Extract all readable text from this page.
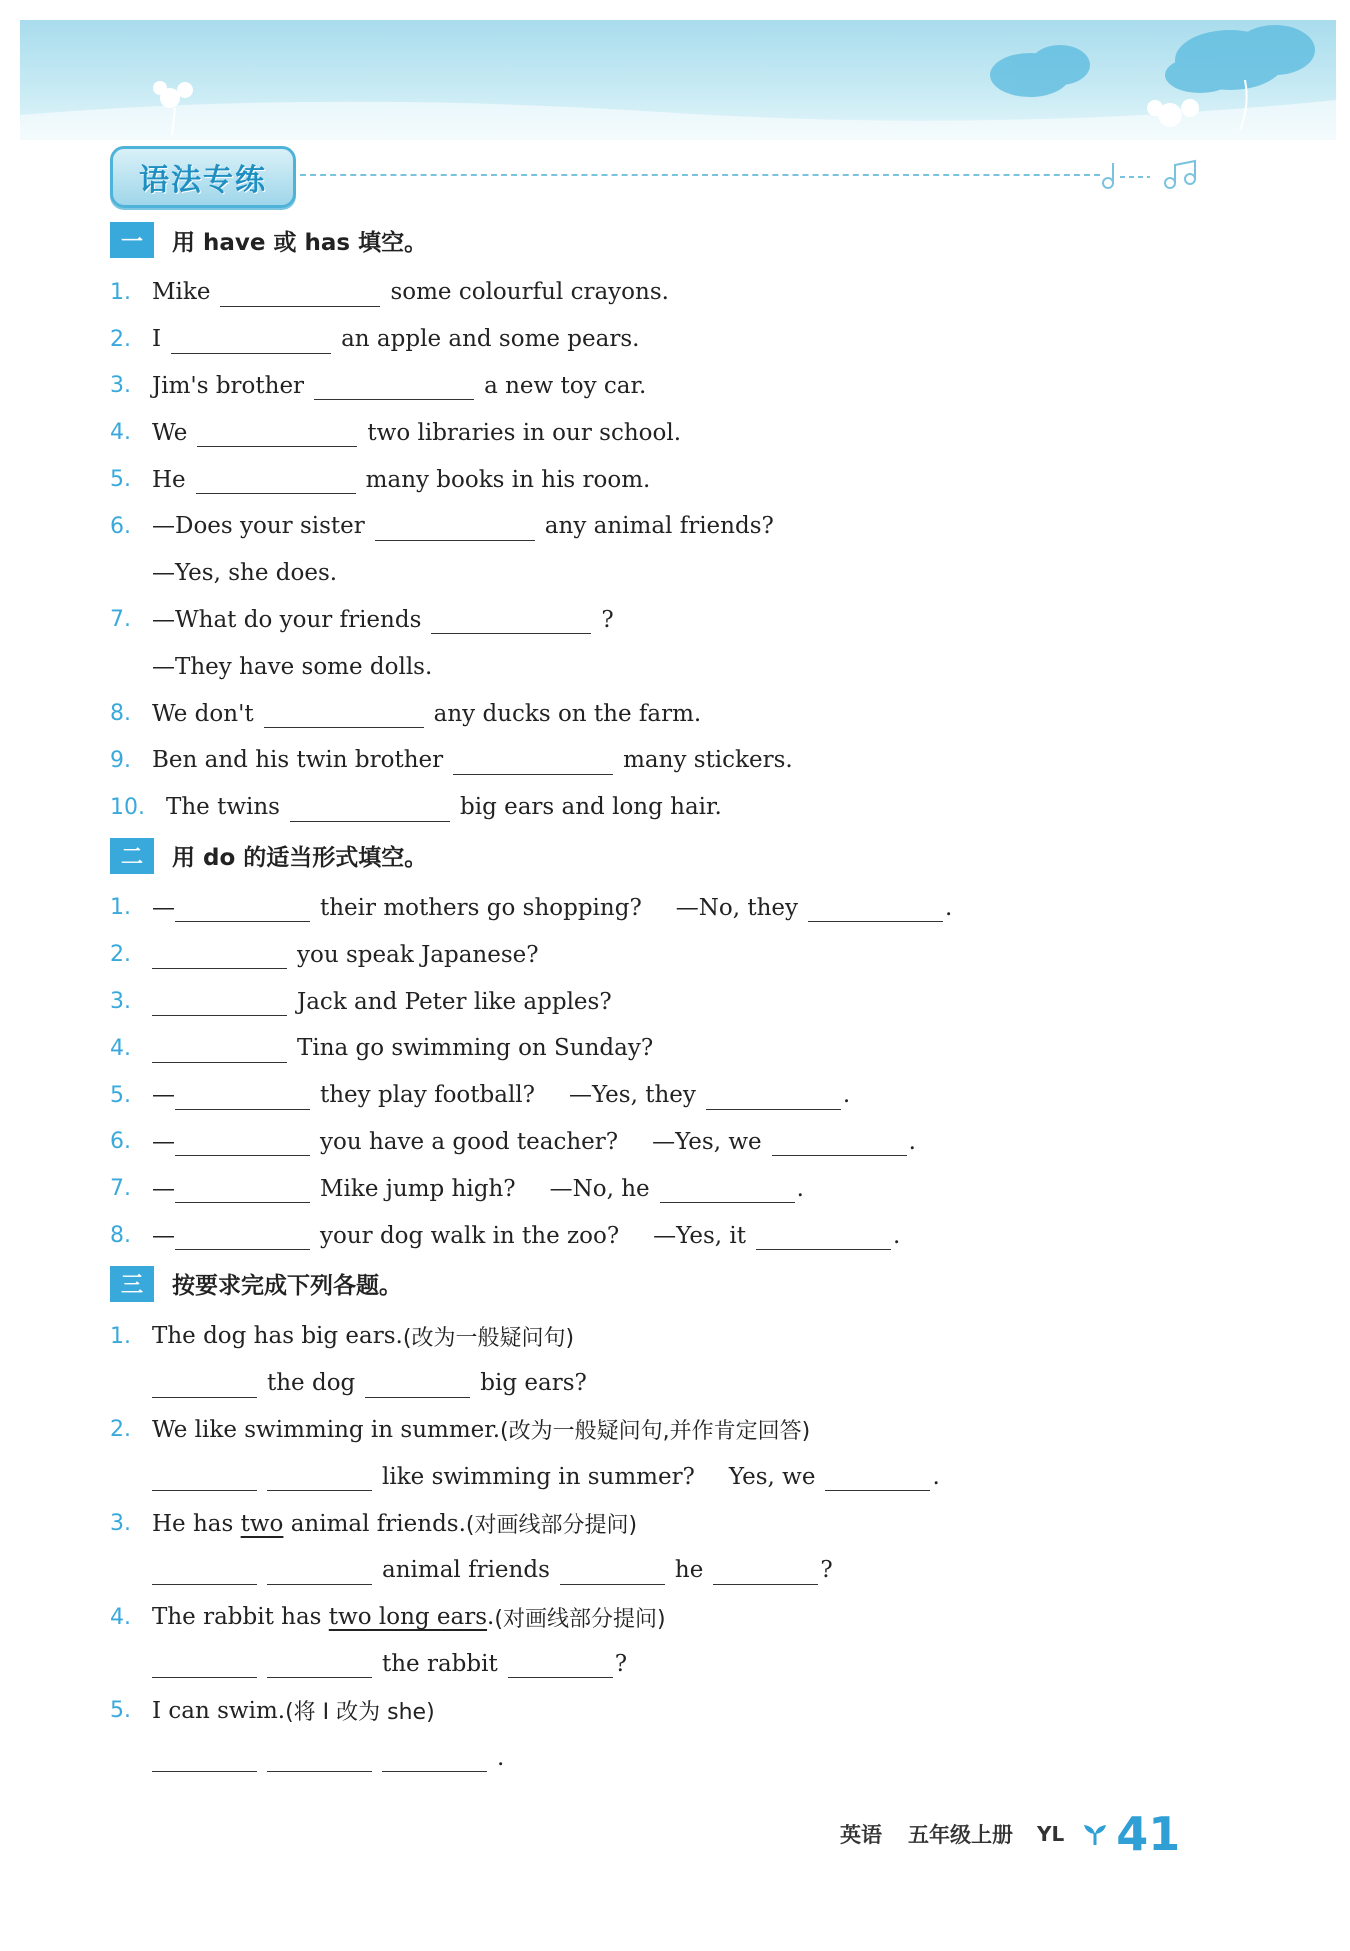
语法专练
一	用 have 或 has 填空。
1. Mike	some colourful crayons.
2. I	an apple and some pears.
3. Jim's brother	a new toy car.
4. We	two libraries in our school.
5. He	many books in his room.
6. —Does your sister	any animal friends?
—Yes, she does.
7. —What do your friends	?
—They have some dolls.
8. We don't	any ducks on the farm.
9. Ben and his twin brother	many stickers.
10. The twins	big ears and long hair.
二	用 do 的适当形式填空。
1. —	their mothers go shopping? —No, they	.
2.	you speak Japanese?
3.	Jack and Peter like apples?
4.	Tina go swimming on Sunday?
5. —	they play football? —Yes, they	.
6. —	you have a good teacher? —Yes, we	.
7. —	Mike jump high? —No, he	.
8. —	your dog walk in the zoo? —Yes, it	.
三	按要求完成下列各题。
1. The dog has big ears. (改为一般疑问句)
the dog	big ears?
2. We like swimming in summer. (改为一般疑问句,并作肯定回答)
like swimming in summer? Yes, we	.
3. He has two animal friends. (对画线部分提问)
animal friends	he	?
4. The rabbit has two long ears . (对画线部分提问)
the rabbit	?
5. I can swim. (将 I 改为 she)
.
英语 五年级上册 YL 41
